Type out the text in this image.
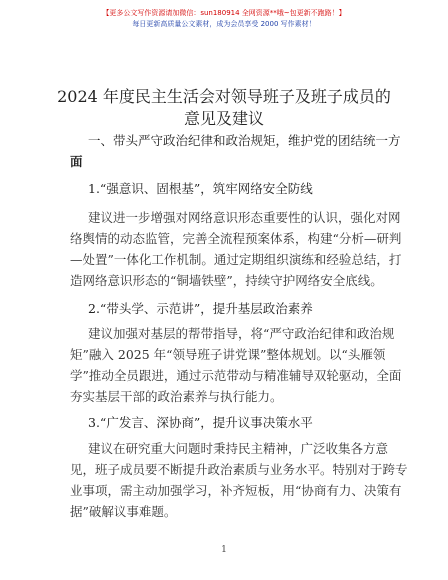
【更多公文写作资源请加微信：sun180914 全网资源**哦~包更新不跑路！】
每日更新高质量公文素材，成为会员享受 2000 写作素材！
2024 年度民主生活会对领导班子及班子成员的
意见及建议
一、带头严守政治纪律和政治规矩，维护党的团结统一方
面
1.“强意识、固根基”，筑牢网络安全防线
建议进一步增强对网络意识形态重要性的认识，强化对网
络舆情的动态监管，完善全流程预案体系，构建“分析—研判
—处置”一体化工作机制。通过定期组织演练和经验总结，打
造网络意识形态的“铜墙铁壁”，持续守护网络安全底线。
2.“带头学、示范讲”，提升基层政治素养
建议加强对基层的帮带指导，将“严守政治纪律和政治规
矩”融入 2025 年“领导班子讲党课”整体规划。以“头雁领
学”推动全员跟进，通过示范带动与精准辅导双轮驱动，全面
夯实基层干部的政治素养与执行能力。
3.“广发言、深协商”，提升议事决策水平
建议在研究重大问题时秉持民主精神，广泛收集各方意
见，班子成员要不断提升政治素质与业务水平。特别对于跨专
业事项，需主动加强学习，补齐短板，用“协商有力、决策有
据”破解议事难题。
1
